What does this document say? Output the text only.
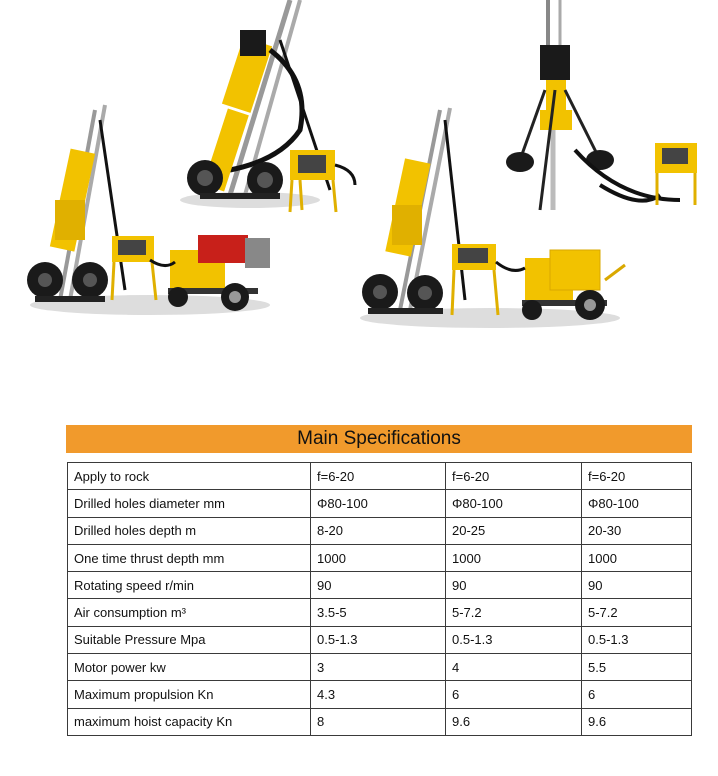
Main Specifications
Apply to rock	f=6-20	f=6-20	f=6-20
Drilled holes diameter mm	Φ80-100	Φ80-100	Φ80-100
Drilled holes depth m	8-20	20-25	20-30
One time thrust depth mm	1000	1000	1000
Rotating speed r/min	90	90	90
Air consumption m³	3.5-5	5-7.2	5-7.2
Suitable Pressure Mpa	0.5-1.3	0.5-1.3	0.5-1.3
Motor power kw	3	4	5.5
Maximum propulsion Kn	4.3	6	6
maximum hoist capacity Kn	8	9.6	9.6
